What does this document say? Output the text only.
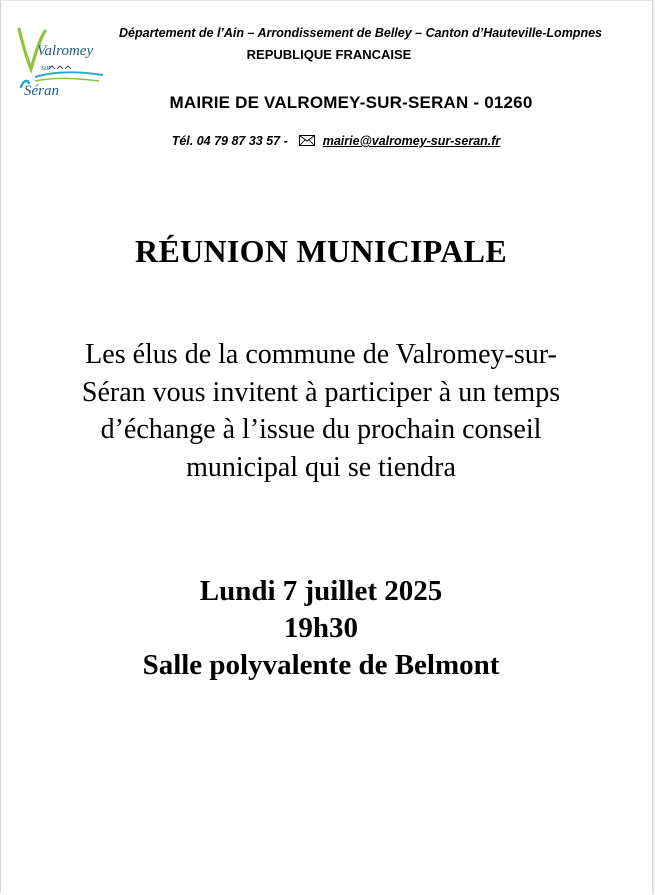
Valromey
sur
Séran
Département de l’Ain – Arrondissement de Belley – Canton d’Hauteville-Lompnes
REPUBLIQUE FRANCAISE
MAIRIE DE VALROMEY-SUR-SERAN - 01260
Tél. 04 79 87 33 57 -	mairie@valromey-sur-seran.fr
RÉUNION MUNICIPALE
Les élus de la commune de Valromey-sur-
Séran vous invitent à participer à un temps
d’échange à l’issue du prochain conseil
municipal qui se tiendra
Lundi 7 juillet 2025
19h30
Salle polyvalente de Belmont
